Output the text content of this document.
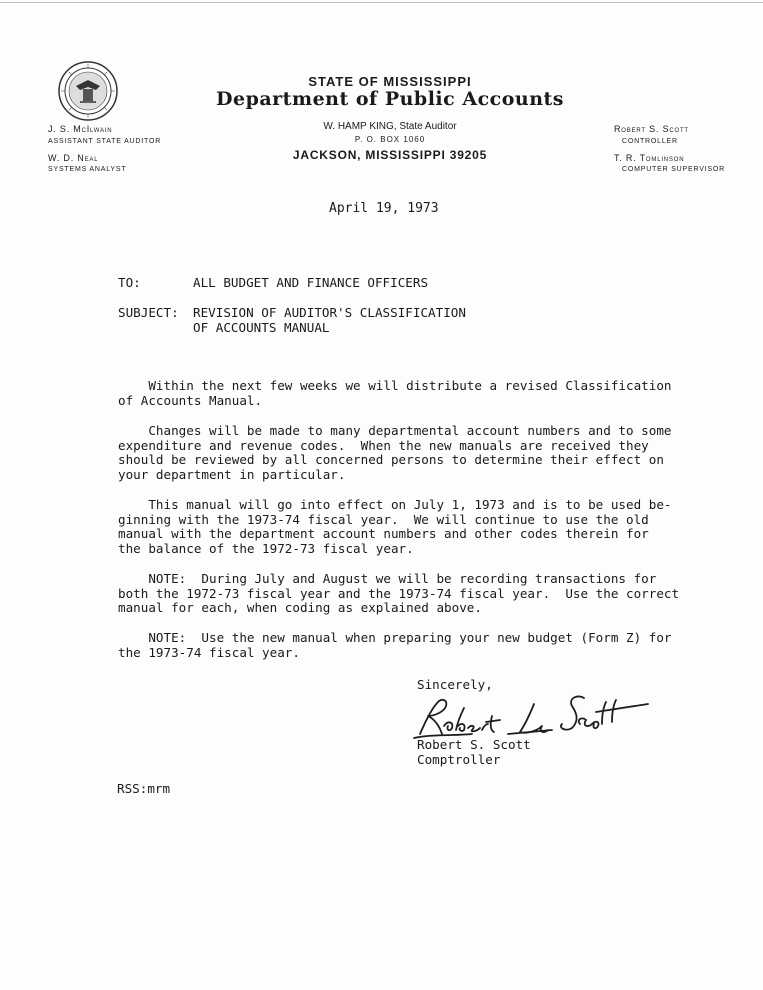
STATE OF MISSISSIPPI
Department of Public Accounts
W. HAMP KING, State Auditor
P. O. BOX 1060
JACKSON, MISSISSIPPI 39205
J. S. McIlwain
ASSISTANT STATE AUDITOR
W. D. Neal
SYSTEMS ANALYST
Robert S. Scott
CONTROLLER
T. R. Tomlinson
COMPUTER SUPERVISOR
April 19, 1973
TO:	ALL BUDGET AND FINANCE OFFICERS
SUBJECT: REVISION OF AUDITOR'S CLASSIFICATION
OF ACCOUNTS MANUAL
Within the next few weeks we will distribute a revised Classification
of Accounts Manual.
Changes will be made to many departmental account numbers and to some
expenditure and revenue codes.  When the new manuals are received they
should be reviewed by all concerned persons to determine their effect on
your department in particular.
This manual will go into effect on July 1, 1973 and is to be used be-
ginning with the 1973-74 fiscal year.  We will continue to use the old
manual with the department account numbers and other codes therein for
the balance of the 1972-73 fiscal year.
NOTE:  During July and August we will be recording transactions for
both the 1972-73 fiscal year and the 1973-74 fiscal year.  Use the correct
manual for each, when coding as explained above.
NOTE:  Use the new manual when preparing your new budget (Form Z) for
the 1973-74 fiscal year.
Sincerely,
Robert S. Scott
Comptroller
RSS:mrm
